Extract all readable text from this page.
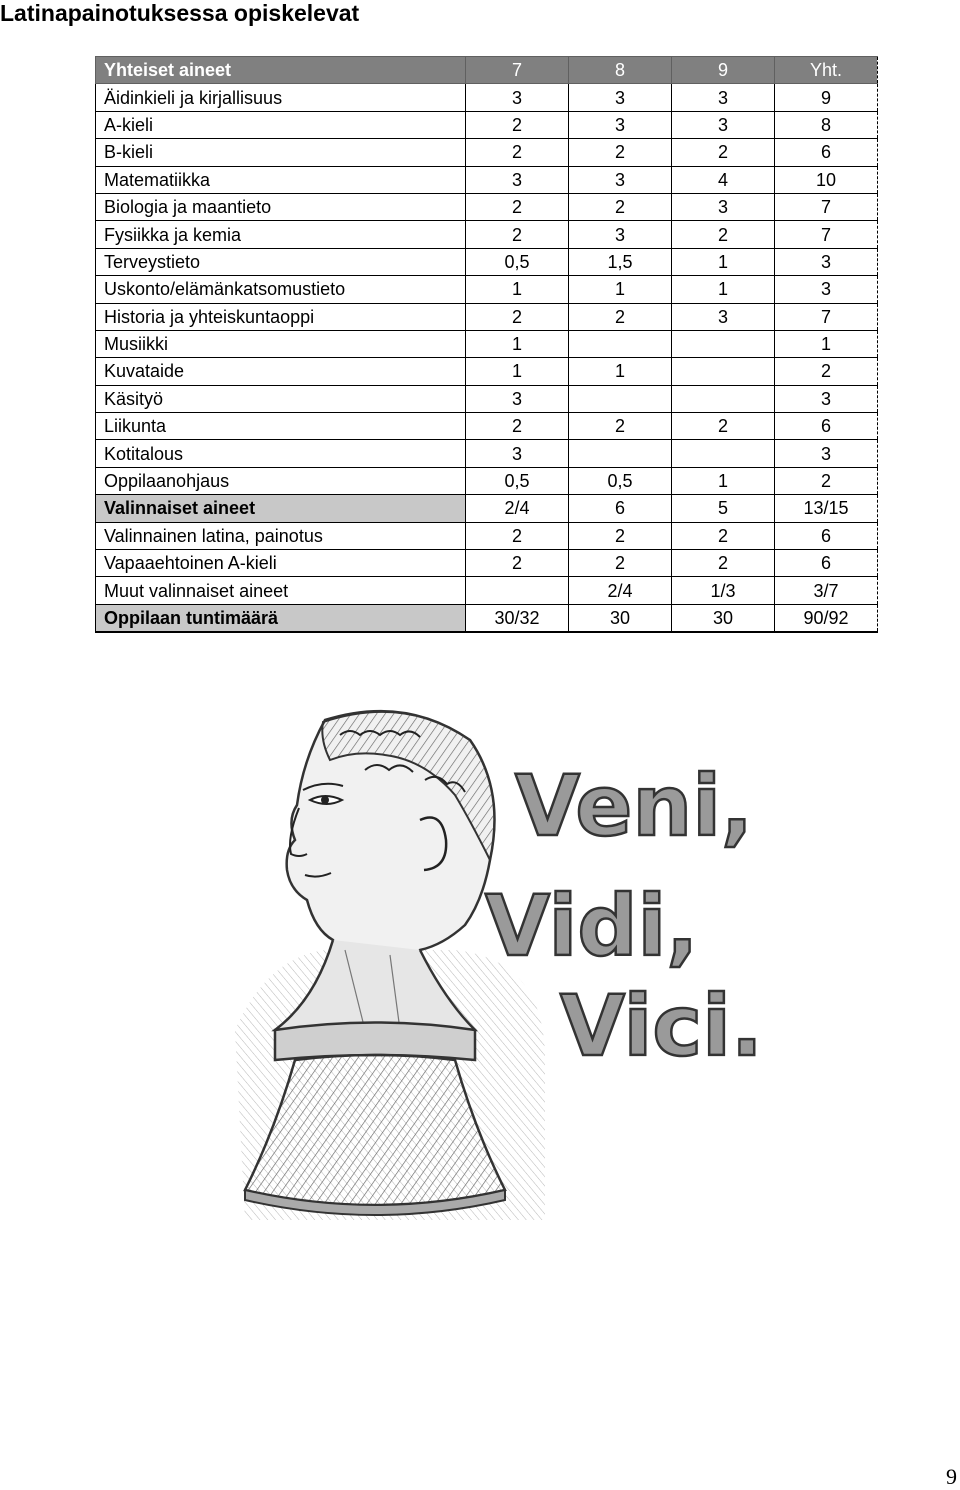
Latinapainotuksessa opiskelevat
Yhteiset aineet	7	8	9	Yht.
Äidinkieli ja kirjallisuus	3	3	3	9
A-kieli	2	3	3	8
B-kieli	2	2	2	6
Matematiikka	3	3	4	10
Biologia ja maantieto	2	2	3	7
Fysiikka ja kemia	2	3	2	7
Terveystieto	0,5	1,5	1	3
Uskonto/elämänkatsomustieto	1	1	1	3
Historia ja yhteiskuntaoppi	2	2	3	7
Musiikki	1			1
Kuvataide	1	1		2
Käsityö	3			3
Liikunta	2	2	2	6
Kotitalous	3			3
Oppilaanohjaus	0,5	0,5	1	2
Valinnaiset aineet	2/4	6	5	13/15
Valinnainen latina, painotus	2	2	2	6
Vapaaehtoinen A-kieli	2	2	2	6
Muut valinnaiset aineet		2/4	1/3	3/7
Oppilaan tuntimäärä	30/32	30	30	90/92
Veni,
Vidi,
Vici.
9
